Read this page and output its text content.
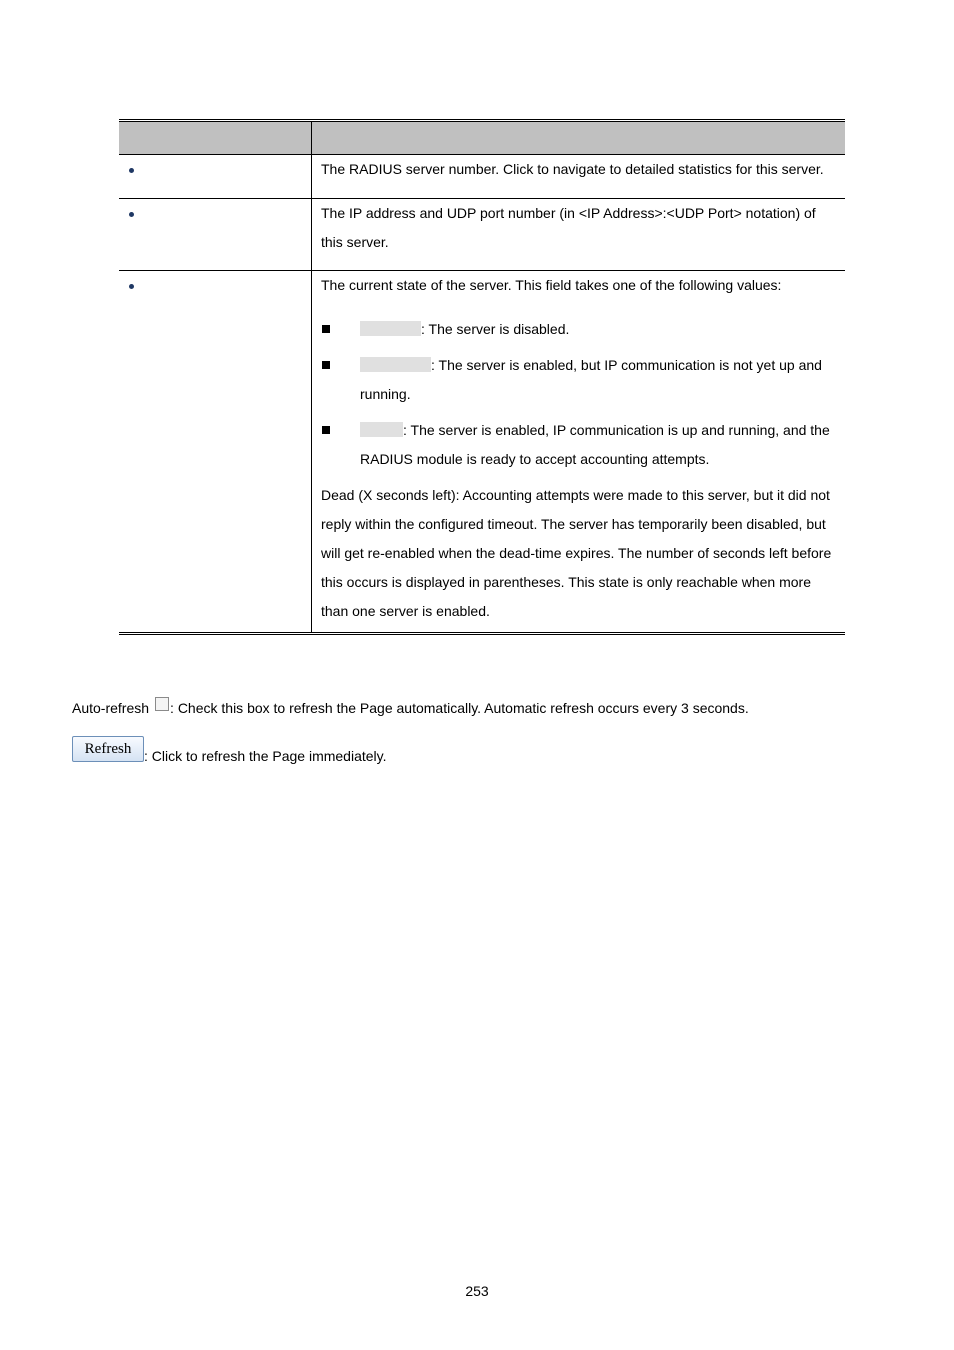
The RADIUS server number. Click to navigate to detailed statistics for this server.
The IP address and UDP port number (in <IP Address>:<UDP Port> notation) of this server.
The current state of the server. This field takes one of the following values:
: The server is disabled.
: The server is enabled, but IP communication is not yet up and running.
: The server is enabled, IP communication is up and running, and the RADIUS module is ready to accept accounting attempts.
Dead (X seconds left): Accounting attempts were made to this server, but it did not reply within the configured timeout. The server has temporarily been disabled, but will get re-enabled when the dead-time expires. The number of seconds left before this occurs is displayed in parentheses. This state is only reachable when more than one server is enabled.
Auto-refresh : Check this box to refresh the Page automatically. Automatic refresh occurs every 3 seconds.
Refresh : Click to refresh the Page immediately.
253
